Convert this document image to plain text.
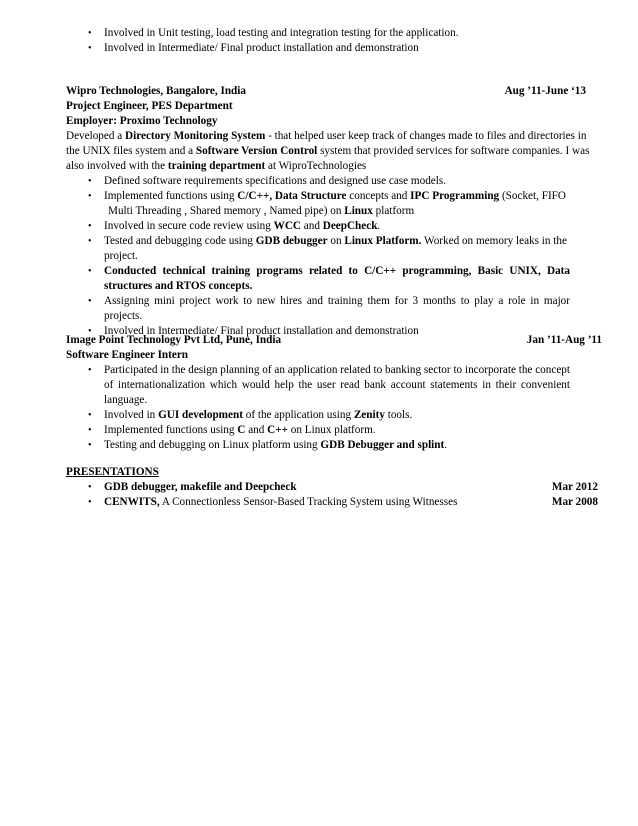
• Involved in Unit testing, load testing and integration testing for the application.
• Involved in Intermediate/ Final product installation and demonstration
Wipro Technologies, Bangalore, India	Aug ’11-June ‘13
Project Engineer, PES Department
Employer: Proximo Technology
Developed a Directory Monitoring System - that helped user keep track of changes made to files and directories in the UNIX files system and a Software Version Control system that provided services for software companies. I was also involved with the training department at WiproTechnologies
• Defined software requirements specifications and designed use case models.
• Implemented functions using C/C++, Data Structure concepts and IPC Programming (Socket, FIFO
Multi Threading , Shared memory , Named pipe) on Linux platform
• Involved in secure code review using WCC and DeepCheck.
• Tested and debugging code using GDB debugger on Linux Platform. Worked on memory leaks in the project.
• Conducted technical training programs related to C/C++ programming, Basic UNIX, Data structures and RTOS concepts.
• Assigning mini project work to new hires and training them for 3 months to play a role in major projects.
• Involved in Intermediate/ Final product installation and demonstration
Image Point Technology Pvt Ltd, Pune, India	Jan ’11-Aug ’11
Software Engineer Intern
• Participated in the design planning of an application related to banking sector to incorporate the concept of internationalization which would help the user read bank account statements in their convenient language.
• Involved in GUI development of the application using Zenity tools.
• Implemented functions using C and C++ on Linux platform.
• Testing and debugging on Linux platform using GDB Debugger and splint.
PRESENTATIONS
• GDB debugger, makefile and Deepcheck	Mar 2012
• CENWITS, A Connectionless Sensor-Based Tracking System using Witnesses	Mar 2008
